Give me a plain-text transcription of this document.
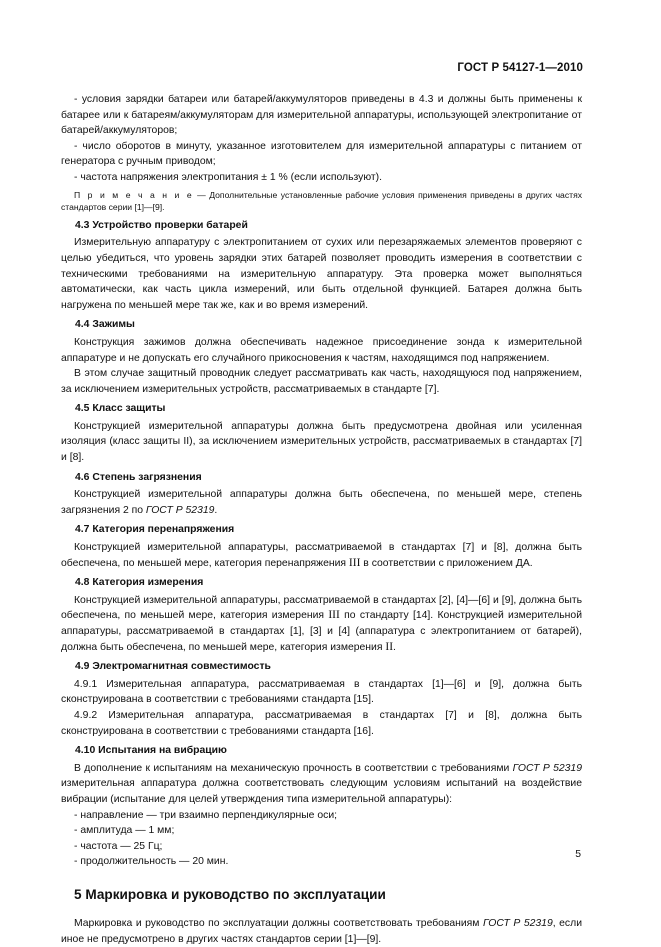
ГОСТ Р 54127-1—2010

- условия зарядки батареи или батарей/аккумуляторов приведены в 4.3 и должны быть применены к батарее или к батареям/аккумуляторам для измерительной аппаратуры, использующей электропитание от батарей/аккумуляторов;

- число оборотов в минуту, указанное изготовителем для измерительной аппаратуры с питанием от генератора с ручным приводом;

- частота напряжения электропитания ± 1 % (если используют).

П р и м е ч а н и е — Дополнительные установленные рабочие условия применения приведены в других частях стандартов серии [1]—[9].

4.3 Устройство проверки батарей

Измерительную аппаратуру с электропитанием от сухих или перезаряжаемых элементов проверяют с целью убедиться, что уровень зарядки этих батарей позволяет проводить измерения в соответствии с техническими требованиями на измерительную аппаратуру. Эта проверка может выполняться автоматически, как часть цикла измерений, или быть отдельной функцией. Батарея должна быть нагружена по меньшей мере так же, как и во время измерений.

4.4 Зажимы

Конструкция зажимов должна обеспечивать надежное присоединение зонда к измерительной аппаратуре и не допускать его случайного прикосновения к частям, находящимся под напряжением.

В этом случае защитный проводник следует рассматривать как часть, находящуюся под напряжением, за исключением измерительных устройств, рассматриваемых в стандарте [7].

4.5 Класс защиты

Конструкцией измерительной аппаратуры должна быть предусмотрена двойная или усиленная изоляция (класс защиты II), за исключением измерительных устройств, рассматриваемых в стандартах [7] и [8].

4.6 Степень загрязнения

Конструкцией измерительной аппаратуры должна быть обеспечена, по меньшей мере, степень загрязнения 2 по ГОСТ Р 52319.

4.7 Категория перенапряжения

Конструкцией измерительной аппаратуры, рассматриваемой в стандартах [7] и [8], должна быть обеспечена, по меньшей мере, категория перенапряжения III в соответствии с приложением ДА.

4.8 Категория измерения

Конструкцией измерительной аппаратуры, рассматриваемой в стандартах [2], [4]—[6] и [9], должна быть обеспечена, по меньшей мере, категория измерения III по стандарту [14]. Конструкцией измерительной аппаратуры, рассматриваемой в стандартах [1], [3] и [4] (аппаратура с электропитанием от батарей), должна быть обеспечена, по меньшей мере, категория измерения II.

4.9 Электромагнитная совместимость

4.9.1 Измерительная аппаратура, рассматриваемая в стандартах [1]—[6] и [9], должна быть сконструирована в соответствии с требованиями стандарта [15].

4.9.2 Измерительная аппаратура, рассматриваемая в стандартах [7] и [8], должна быть сконструирована в соответствии с требованиями стандарта [16].

4.10 Испытания на вибрацию

В дополнение к испытаниям на механическую прочность в соответствии с требованиями ГОСТ Р 52319 измерительная аппаратура должна соответствовать следующим условиям испытаний на воздействие вибрации (испытание для целей утверждения типа измерительной аппаратуры):

- направление — три взаимно перпендикулярные оси;

- амплитуда — 1 мм;

- частота — 25 Гц;

- продолжительность — 20 мин.

5 Маркировка и руководство по эксплуатации

Маркировка и руководство по эксплуатации должны соответствовать требованиям ГОСТ Р 52319, если иное не предусмотрено в других частях стандартов серии [1]—[9].

5
